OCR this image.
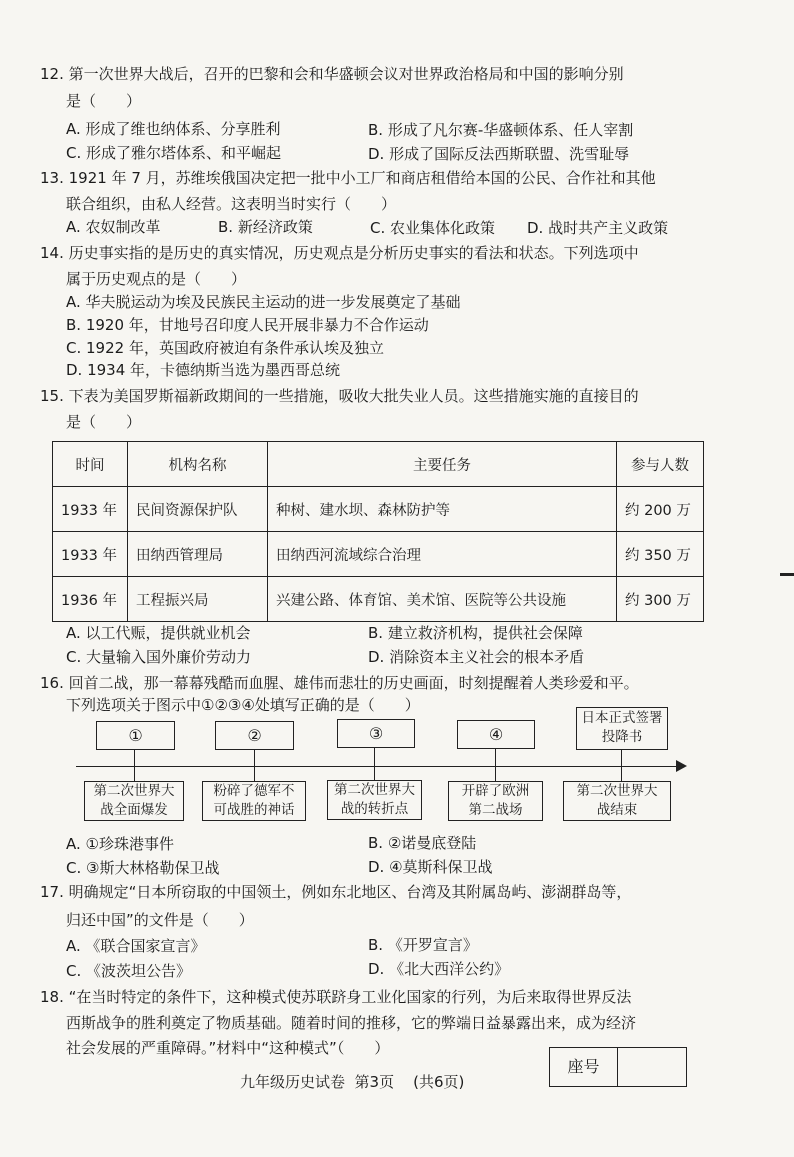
12. 第一次世界大战后，召开的巴黎和会和华盛顿会议对世界政治格局和中国的影响分别
是（　　）
A. 形成了维也纳体系、分享胜利	B. 形成了凡尔赛-华盛顿体系、任人宰割
C. 形成了雅尔塔体系、和平崛起	D. 形成了国际反法西斯联盟、洗雪耻辱
13. 1921 年 7 月，苏维埃俄国决定把一批中小工厂和商店租借给本国的公民、合作社和其他
联合组织，由私人经营。这表明当时实行（　　）
A. 农奴制改革	B. 新经济政策	C. 农业集体化政策 D. 战时共产主义政策
14. 历史事实指的是历史的真实情况，历史观点是分析历史事实的看法和状态。下列选项中
属于历史观点的是（　　）
A. 华夫脱运动为埃及民族民主运动的进一步发展奠定了基础
B. 1920 年，甘地号召印度人民开展非暴力不合作运动
C. 1922 年，英国政府被迫有条件承认埃及独立
D. 1934 年，卡德纳斯当选为墨西哥总统
15. 下表为美国罗斯福新政期间的一些措施，吸收大批失业人员。这些措施实施的直接目的
是（　　）
时间	机构名称	主要任务	参与人数
1933 年	民间资源保护队	种树、建水坝、森林防护等	约 200 万
1933 年	田纳西管理局	田纳西河流域综合治理	约 350 万
1936 年	工程振兴局	兴建公路、体育馆、美术馆、医院等公共设施	约 300 万
A. 以工代赈，提供就业机会	B. 建立救济机构，提供社会保障
C. 大量输入国外廉价劳动力	D. 消除资本主义社会的根本矛盾
16. 回首二战，那一幕幕残酷而血腥、雄伟而悲壮的历史画面，时刻提醒着人类珍爱和平。
下列选项关于图示中①②③④处填写正确的是（　　）
①	②	③	④
日本正式签署投降书
第二次世界大战全面爆发
粉碎了德军不可战胜的神话
第二次世界大战的转折点
开辟了欧洲第二战场
第二次世界大战结束
A. ①珍珠港事件	B. ②诺曼底登陆
C. ③斯大林格勒保卫战	D. ④莫斯科保卫战
17. 明确规定“日本所窃取的中国领土，例如东北地区、台湾及其附属岛屿、澎湖群岛等，
归还中国”的文件是（　　）
A. 《联合国家宣言》	B. 《开罗宣言》
C. 《波茨坦公告》	D. 《北大西洋公约》
18. “在当时特定的条件下，这种模式使苏联跻身工业化国家的行列，为后来取得世界反法
西斯战争的胜利奠定了物质基础。随着时间的推移，它的弊端日益暴露出来，成为经济
社会发展的严重障碍。”材料中“这种模式”（　　）
座号
九年级历史试卷  第3页    (共6页)
